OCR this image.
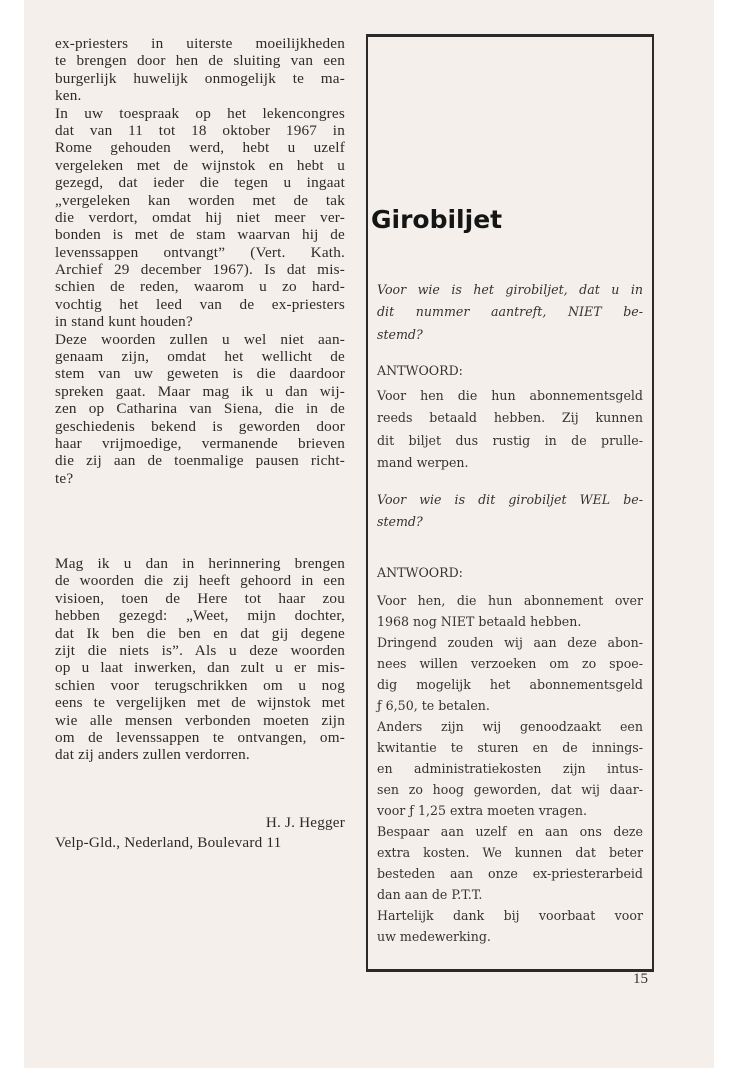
ex-priesters in uiterste moeilijkheden
te brengen door hen de sluiting van een
burgerlijk huwelijk onmogelijk te ma-
ken.
In uw toespraak op het lekencongres
dat van 11 tot 18 oktober 1967 in
Rome gehouden werd, hebt u uzelf
vergeleken met de wijnstok en hebt u
gezegd, dat ieder die tegen u ingaat
„vergeleken kan worden met de tak
die verdort, omdat hij niet meer ver-
bonden is met de stam waarvan hij de
levenssappen ontvangt” (Vert. Kath.
Archief 29 december 1967). Is dat mis-
schien de reden, waarom u zo hard-
vochtig het leed van de ex-priesters
in stand kunt houden?
Deze woorden zullen u wel niet aan-
genaam zijn, omdat het wellicht de
stem van uw geweten is die daardoor
spreken gaat. Maar mag ik u dan wij-
zen op Catharina van Siena, die in de
geschiedenis bekend is geworden door
haar vrijmoedige, vermanende brieven
die zij aan de toenmalige pausen richt-
te?
Mag ik u dan in herinnering brengen
de woorden die zij heeft gehoord in een
visioen, toen de Here tot haar zou
hebben gezegd: „Weet, mijn dochter,
dat Ik ben die ben en dat gij degene
zijt die niets is”. Als u deze woorden
op u laat inwerken, dan zult u er mis-
schien voor terugschrikken om u nog
eens te vergelijken met de wijnstok met
wie alle mensen verbonden moeten zijn
om de levenssappen te ontvangen, om-
dat zij anders zullen verdorren.
H. J. Hegger
Velp-Gld., Nederland, Boulevard 11
Girobiljet
Voor wie is het girobiljet, dat u in
dit nummer aantreft, NIET be-
stemd?
ANTWOORD:
Voor hen die hun abonnementsgeld
reeds betaald hebben. Zij kunnen
dit biljet dus rustig in de prulle-
mand werpen.
Voor wie is dit girobiljet WEL be-
stemd?
ANTWOORD:
Voor hen, die hun abonnement over
1968 nog NIET betaald hebben.
Dringend zouden wij aan deze abon-
nees willen verzoeken om zo spoe-
dig mogelijk het abonnementsgeld
ƒ 6,50, te betalen.
Anders zijn wij genoodzaakt een
kwitantie te sturen en de innings-
en administratiekosten zijn intus-
sen zo hoog geworden, dat wij daar-
voor ƒ 1,25 extra moeten vragen.
Bespaar aan uzelf en aan ons deze
extra kosten. We kunnen dat beter
besteden aan onze ex-priesterarbeid
dan aan de P.T.T.
Hartelijk dank bij voorbaat voor
uw medewerking.
15
